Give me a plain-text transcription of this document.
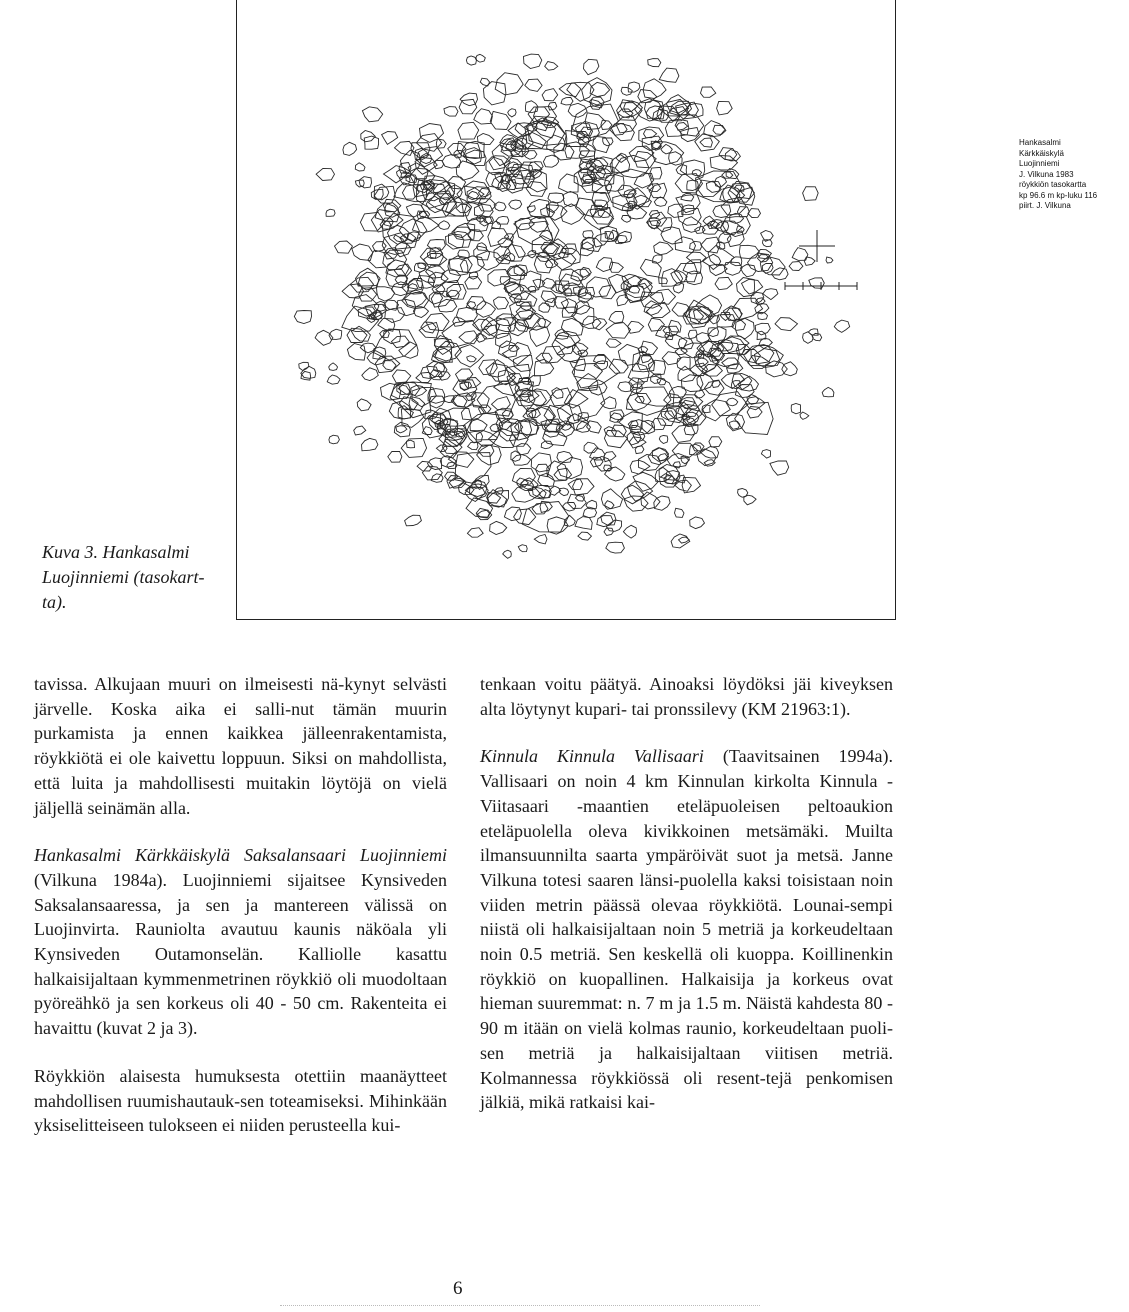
Hankasalmi
Kärkkäiskylä
Luojinniemi
J. Vilkuna 1983
röykkiön tasokartta
kp 96.6 m kp-luku 116
piirt. J. Vilkuna
Kuva 3. Hankasalmi
Luojinniemi (tasokart-
ta).

tavissa. Alkujaan muuri on ilmeisesti nä-kynyt selvästi järvelle. Koska aika ei salli-nut tämän muurin purkamista ja ennen kaikkea jälleenrakentamista, röykkiötä ei ole kaivettu loppuun. Siksi on mahdollista, että luita ja mahdollisesti muitakin löytöjä on vielä jäljellä seinämän alla.

Hankasalmi Kärkkäiskylä Saksalansaari Luojinniemi (Vilkuna 1984a). Luojinniemi sijaitsee Kynsiveden Saksalansaaressa, ja sen ja mantereen välissä on Luojinvirta. Rauniolta avautuu kaunis näköala yli Kynsiveden Outamonselän. Kalliolle kasattu halkaisijaltaan kymmenmetrinen röykkiö oli muodoltaan pyöreähkö ja sen korkeus oli 40 - 50 cm. Rakenteita ei havaittu (kuvat 2 ja 3).

Röykkiön alaisesta humuksesta otettiin maanäytteet mahdollisen ruumishautauk-sen toteamiseksi. Mihinkään yksiselitteiseen tulokseen ei niiden perusteella kui-

tenkaan voitu päätyä. Ainoaksi löydöksi jäi kiveyksen alta löytynyt kupari- tai pronssilevy (KM 21963:1).

Kinnula Kinnula Vallisaari (Taavitsainen 1994a). Vallisaari on noin 4 km Kinnulan kirkolta Kinnula - Viitasaari -maantien eteläpuoleisen peltoaukion eteläpuolella oleva kivikkoinen metsämäki. Muilta ilmansuunnilta saarta ympäröivät suot ja metsä. Janne Vilkuna totesi saaren länsi-puolella kaksi toisistaan noin viiden metrin päässä olevaa röykkiötä. Lounai-sempi niistä oli halkaisijaltaan noin 5 metriä ja korkeudeltaan noin 0.5 metriä. Sen keskellä oli kuoppa. Koillinenkin röykkiö on kuopallinen. Halkaisija ja korkeus ovat hieman suuremmat: n. 7 m ja 1.5 m. Näistä kahdesta 80 - 90 m itään on vielä kolmas raunio, korkeudeltaan puoli-sen metriä ja halkaisijaltaan viitisen metriä. Kolmannessa röykkiössä oli resent-tejä penkomisen jälkiä, mikä ratkaisi kai-

6
